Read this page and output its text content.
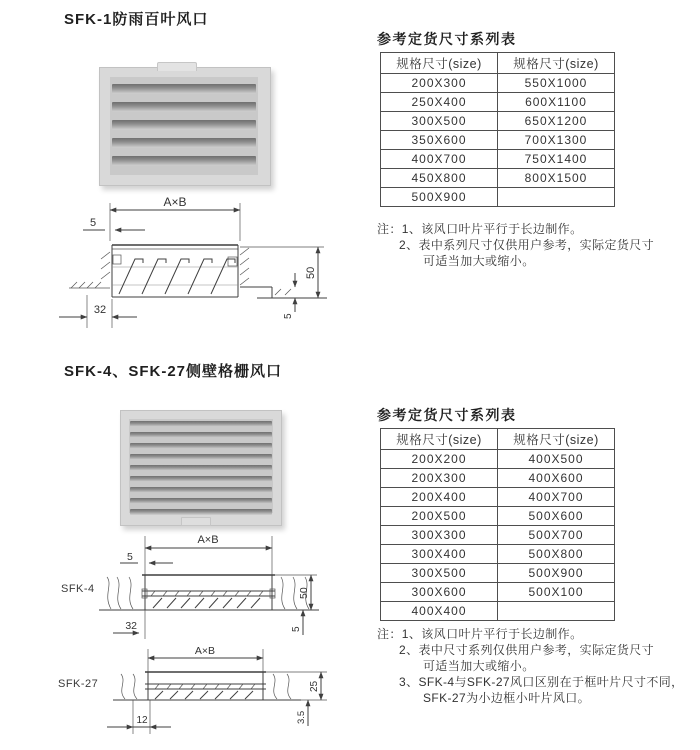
SFK-1防雨百叶风口
A×B
5
50
5
32
参考定货尺寸系列表
规格尺寸(size)	规格尺寸(size)
200X300	550X1000
250X400	600X1100
300X500	650X1200
350X600	700X1300
400X700	750X1400
450X800	800X1500
500X900	
注：1、该风口叶片平行于长边制作。
2、表中系列尺寸仅供用户参考，实际定货尺寸
可适当加大或缩小。
SFK-4、SFK-27侧壁格栅风口
SFK-4
SFK-27
A×B
5
50
32	5
A×B
25
12	3.5
参考定货尺寸系列表
规格尺寸(size)	规格尺寸(size)
200X200	400X500
200X300	400X600
200X400	400X700
200X500	500X600
300X300	500X700
300X400	500X800
300X500	500X900
300X600	500X100
400X400	
注：1、该风口叶片平行于长边制作。
2、表中尺寸系列仅供用户参考，实际定货尺寸
可适当加大或缩小。
3、SFK-4与SFK-27风口区别在于框叶片尺寸不同，
SFK-27为小边框小叶片风口。
